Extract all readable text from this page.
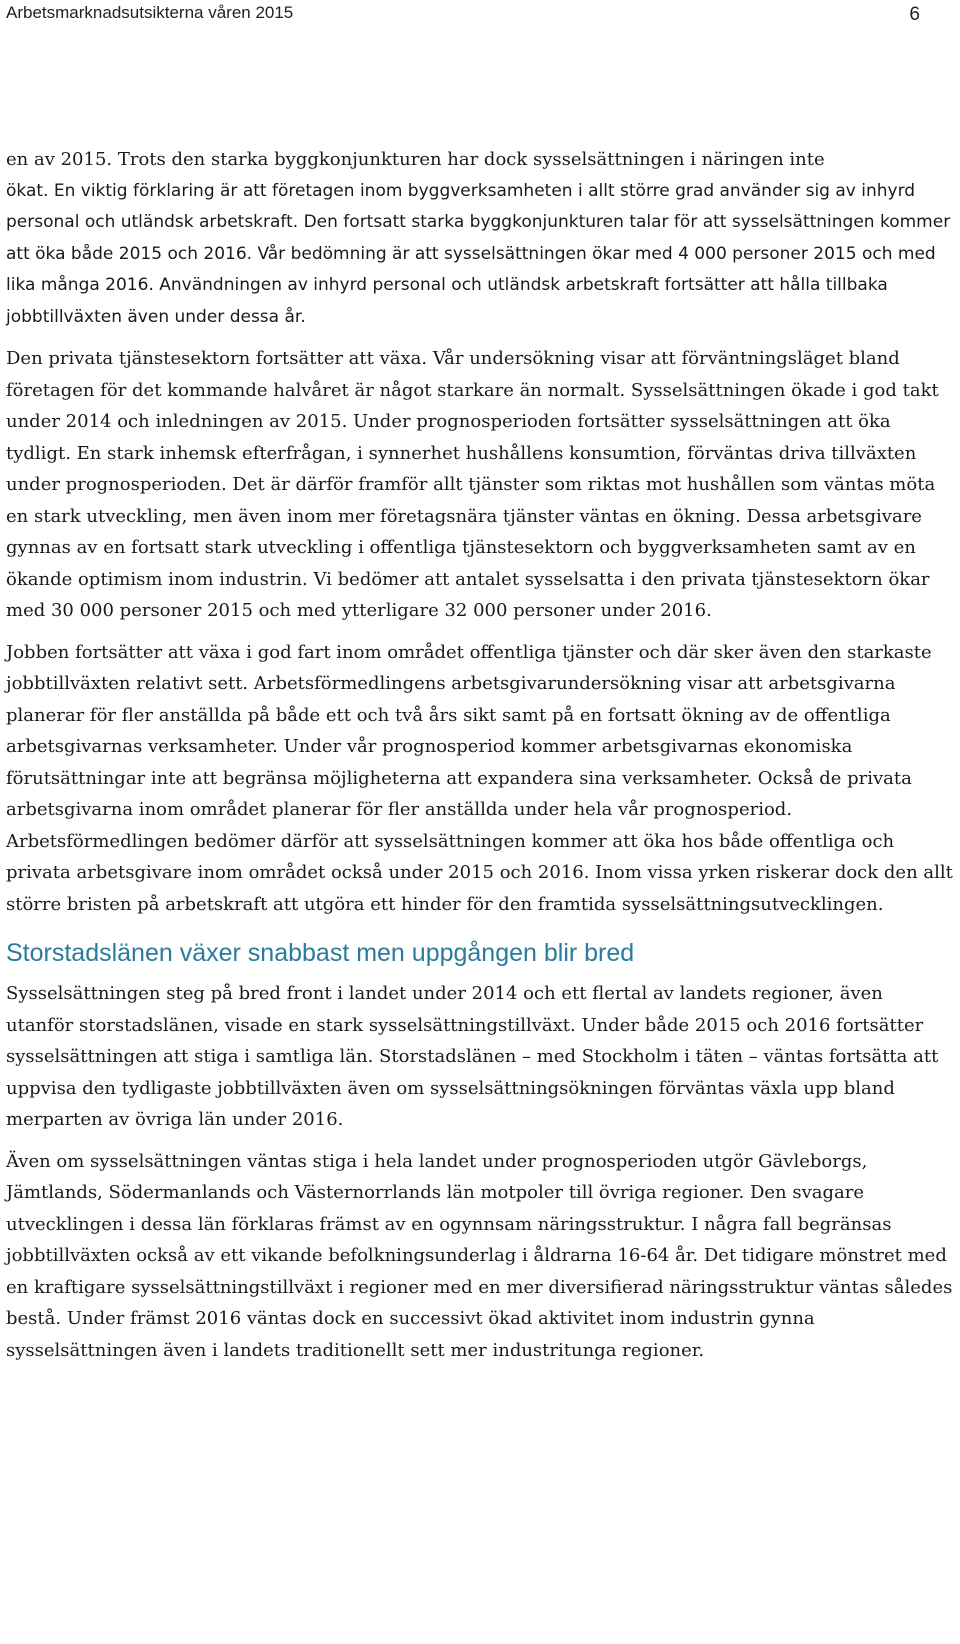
Arbetsmarknadsutsikterna våren 2015	6

en av 2015. Trots den starka byggkonjunkturen har dock sysselsättningen i näringen inte

ökat. En viktig förklaring är att företagen inom byggverksamheten i allt större grad använder sig av inhyrd personal och utländsk arbetskraft. Den fortsatt starka byggkonjunkturen talar för att sysselsättningen kommer att öka både 2015 och 2016. Vår bedömning är att sysselsättningen ökar med 4 000 personer 2015 och med lika många 2016. Användningen av inhyrd personal och utländsk arbetskraft fortsätter att hålla tillbaka jobbtillväxten även under dessa år.

Den privata tjänstesektorn fortsätter att växa. Vår undersökning visar att förväntningsläget bland företagen för det kommande halvåret är något starkare än normalt. Sysselsättningen ökade i god takt under 2014 och inledningen av 2015. Under prognosperioden fortsätter sysselsättningen att öka tydligt. En stark inhemsk efterfrågan, i synnerhet hushållens konsumtion, förväntas driva tillväxten under prognosperioden. Det är därför framför allt tjänster som riktas mot hushållen som väntas möta en stark utveckling, men även inom mer företagsnära tjänster väntas en ökning. Dessa arbetsgivare gynnas av en fortsatt stark utveckling i offentliga tjänstesektorn och byggverksamheten samt av en ökande optimism inom industrin. Vi bedömer att antalet sysselsatta i den privata tjänstesektorn ökar med 30 000 personer 2015 och med ytterligare 32 000 personer under 2016.

Jobben fortsätter att växa i god fart inom området offentliga tjänster och där sker även den starkaste jobbtillväxten relativt sett. Arbetsförmedlingens arbetsgivarundersökning visar att arbetsgivarna planerar för fler anställda på både ett och två års sikt samt på en fortsatt ökning av de offentliga arbetsgivarnas verksamheter. Under vår prognosperiod kommer arbetsgivarnas ekonomiska förutsättningar inte att begränsa möjligheterna att expandera sina verksamheter. Också de privata arbetsgivarna inom området planerar för fler anställda under hela vår prognosperiod. Arbetsförmedlingen bedömer därför att sysselsättningen kommer att öka hos både offentliga och privata arbetsgivare inom området också under 2015 och 2016. Inom vissa yrken riskerar dock den allt större bristen på arbetskraft att utgöra ett hinder för den framtida sysselsättningsutvecklingen.

Storstadslänen växer snabbast men uppgången blir bred

Sysselsättningen steg på bred front i landet under 2014 och ett flertal av landets regioner, även utanför storstadslänen, visade en stark sysselsättningstillväxt. Under både 2015 och 2016 fortsätter sysselsättningen att stiga i samtliga län. Storstadslänen – med Stockholm i täten – väntas fortsätta att uppvisa den tydligaste jobbtillväxten även om sysselsättningsökningen förväntas växla upp bland merparten av övriga län under 2016.

Även om sysselsättningen väntas stiga i hela landet under prognosperioden utgör Gävleborgs, Jämtlands, Södermanlands och Västernorrlands län motpoler till övriga regioner. Den svagare utvecklingen i dessa län förklaras främst av en ogynnsam näringsstruktur. I några fall begränsas jobbtillväxten också av ett vikande befolkningsunderlag i åldrarna 16-64 år. Det tidigare mönstret med en kraftigare sysselsättningstillväxt i regioner med en mer diversifierad näringsstruktur väntas således bestå. Under främst 2016 väntas dock en successivt ökad aktivitet inom industrin gynna sysselsättningen även i landets traditionellt sett mer industritunga regioner.
